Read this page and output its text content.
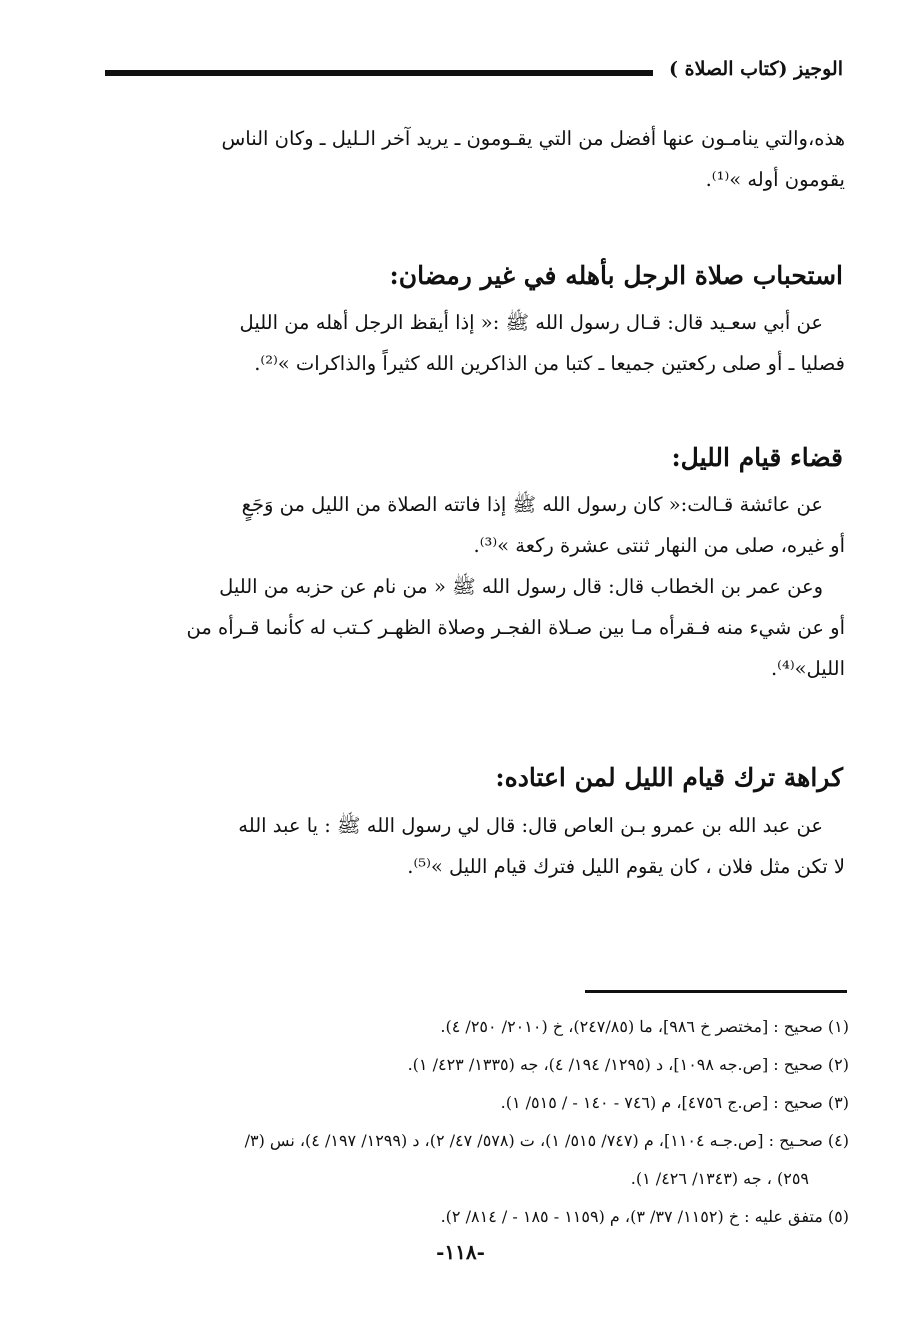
الوجيز (كتاب الصلاة )
هذه،والتي ينامـون عنها أفضل من التي يقـومون ـ يريد آخر الـليل ـ وكان الناس
يقومون أوله »⁽¹⁾.
استحباب صلاة الرجل بأهله في غير رمضان:
عن أبي سعـيد قال: قـال رسول الله ﷺ :« إذا أيقظ الرجل أهله من الليل
فصليا ـ أو صلى ركعتين جميعا ـ كتبا من الذاكرين الله كثيراً والذاكرات »⁽²⁾.
قضاء قيام الليل:
عن عائشة قـالت:« كان رسول الله ﷺ إذا فاتته الصلاة من الليل من وَجَعٍ
أو غيره، صلى من النهار ثنتى عشرة ركعة »⁽³⁾.
وعن عمر بن الخطاب قال: قال رسول الله ﷺ « من نام عن حزبه من الليل
أو عن شيء منه فـقرأه مـا بين صـلاة الفجـر وصلاة الظهـر كـتب له كأنما قـرأه من
الليل»⁽⁴⁾.
كراهة ترك قيام الليل لمن اعتاده:
عن عبد الله بن عمرو بـن العاص قال: قال لي رسول الله ﷺ : يا عبد الله
لا تكن مثل فلان ، كان يقوم الليل فترك قيام الليل »⁽⁵⁾.
(١) صحيح : [مختصر خ ٩٨٦]، ما (٢٤٧/٨٥)، خ (٢٠١٠/ ٢٥٠/ ٤).
(٢) صحيح : [ص.جه ١٠٩٨]، د (١٢٩٥/ ١٩٤/ ٤)، جه (١٣٣٥/ ٤٢٣/ ١).
(٣) صحيح : [ص.ج ٤٧٥٦]، م (٧٤٦ - ١٤٠ - / ٥١٥/ ١).
(٤) صحـيح : [ص.جـه ١١٠٤]، م (٧٤٧/ ٥١٥/ ١)، ت (٥٧٨/ ٤٧/ ٢)، د (١٢٩٩/ ١٩٧/ ٤)، نس (٣/
٢٥٩) ، جه (١٣٤٣/ ٤٢٦/ ١).
(٥) متفق عليه : خ (١١٥٢/ ٣٧/ ٣)، م (١١٥٩ - ١٨٥ - / ٨١٤/ ٢).
-١١٨-
